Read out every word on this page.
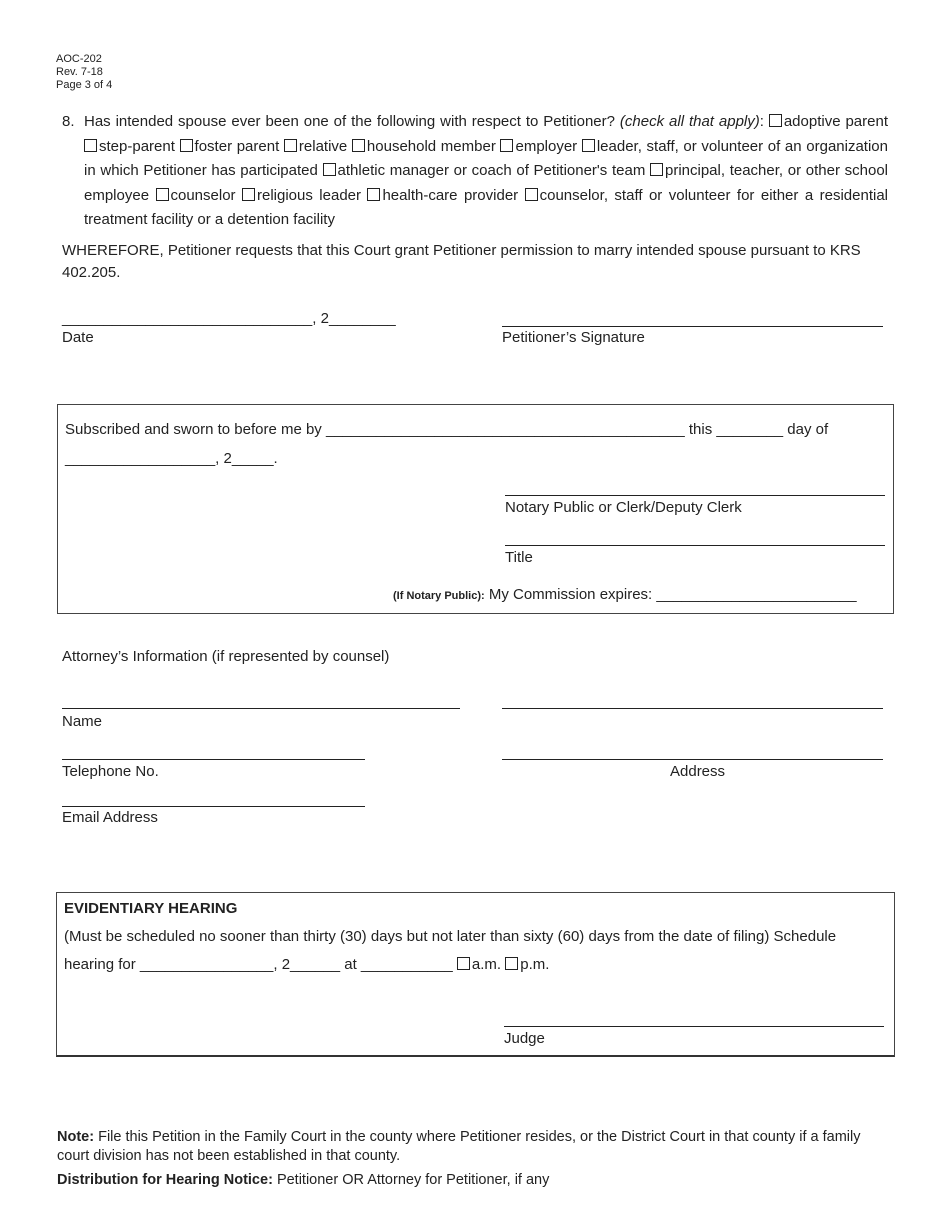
AOC-202
Rev. 7-18
Page 3 of 4
8. Has intended spouse ever been one of the following with respect to Petitioner? (check all that apply): adoptive parent step-parent foster parent relative household member employer leader, staff, or volunteer of an organization in which Petitioner has participated athletic manager or coach of Petitioner's team principal, teacher, or other school employee counselor religious leader health-care provider counselor, staff or volunteer for either a residential treatment facility or a detention facility
WHEREFORE, Petitioner requests that this Court grant Petitioner permission to marry intended spouse pursuant to KRS 402.205.
______________________________, 2________
Date	Petitioner’s Signature
Subscribed and sworn to before me by ___________________________________________ this ________ day of
__________________, 2_____.
Notary Public or Clerk/Deputy Clerk
Title
(If Notary Public): My Commission expires: ________________________
Attorney’s Information (if represented by counsel)
Name
Telephone No.	Address
Email Address
EVIDENTIARY HEARING
(Must be scheduled no sooner than thirty (30) days but not later than sixty (60) days from the date of filing) Schedule
hearing for ________________, 2______ at ___________ a.m. p.m.
Judge
Note: File this Petition in the Family Court in the county where Petitioner resides, or the District Court in that county if a family court division has not been established in that county.
Distribution for Hearing Notice: Petitioner OR Attorney for Petitioner, if any
